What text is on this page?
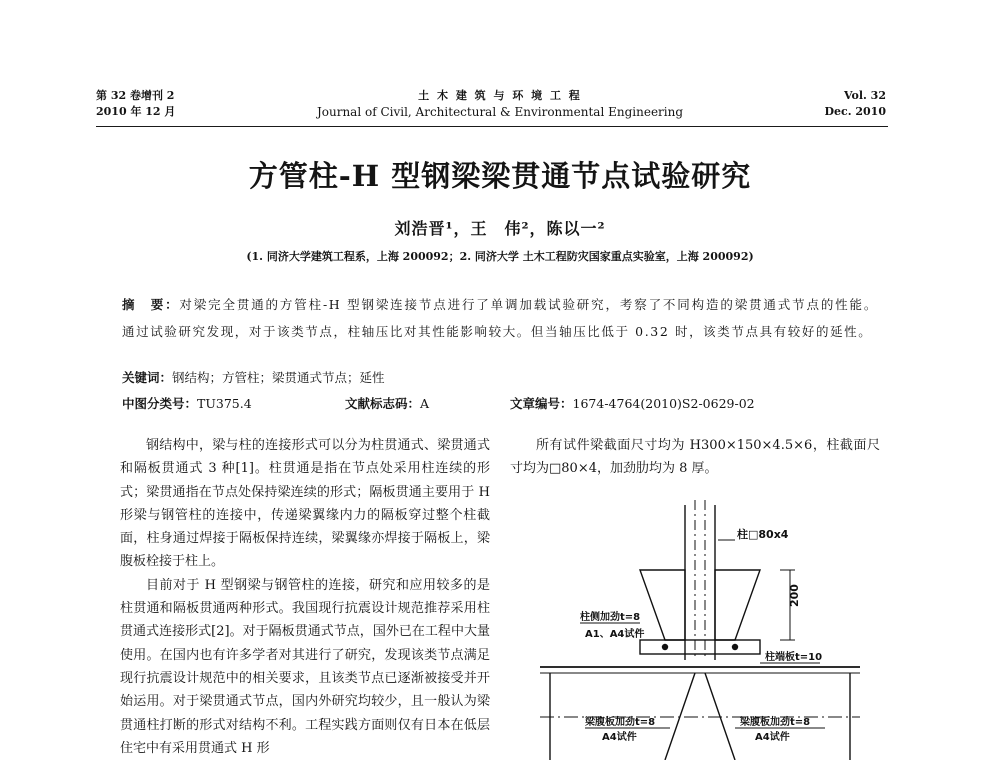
第 32 卷增刊 2
2010 年 12 月
土 木 建 筑 与 环 境 工 程
Journal of Civil, Architectural & Environmental Engineering
Vol. 32
Dec. 2010
方管柱-H 型钢梁梁贯通节点试验研究
刘浩晋¹，王　伟²，陈以一²
(1. 同济大学建筑工程系，上海 200092；2. 同济大学 土木工程防灾国家重点实验室，上海 200092)
摘　要：对梁完全贯通的方管柱-H 型钢梁连接节点进行了单调加载试验研究，考察了不同构造的梁贯通式节点的性能。通过试验研究发现，对于该类节点，柱轴压比对其性能影响较大。但当轴压比低于 0.32 时，该类节点具有较好的延性。
关键词：钢结构；方管柱；梁贯通式节点；延性
中图分类号：TU375.4	文献标志码：A	文章编号：1674-4764(2010)S2-0629-02

钢结构中，梁与柱的连接形式可以分为柱贯通式、梁贯通式和隔板贯通式 3 种[1]。柱贯通是指在节点处采用柱连续的形式；梁贯通指在节点处保持梁连续的形式；隔板贯通主要用于 H 形梁与钢管柱的连接中，传递梁翼缘内力的隔板穿过整个柱截面，柱身通过焊接于隔板保持连续，梁翼缘亦焊接于隔板上，梁腹板栓接于柱上。

目前对于 H 型钢梁与钢管柱的连接，研究和应用较多的是柱贯通和隔板贯通两种形式。我国现行抗震设计规范推荐采用柱贯通式连接形式[2]。对于隔板贯通式节点，国外已在工程中大量使用。在国内也有许多学者对其进行了研究，发现该类节点满足现行抗震设计规范中的相关要求，且该类节点已逐渐被接受并开始运用。对于梁贯通式节点，国内外研究均较少，且一般认为梁贯通柱打断的形式对结构不利。工程实践方面则仅有日本在低层住宅中有采用贯通式 H 形

所有试件梁截面尺寸均为 H300×150×4.5×6，柱截面尺寸均为□80×4，加劲肋均为 8 厚。

柱□80x4
200
柱侧加劲t=8
A1、A4试件
柱端板t=10
梁腹板加劲t=8
A4试件
梁腹板加劲t=8
A4试件
